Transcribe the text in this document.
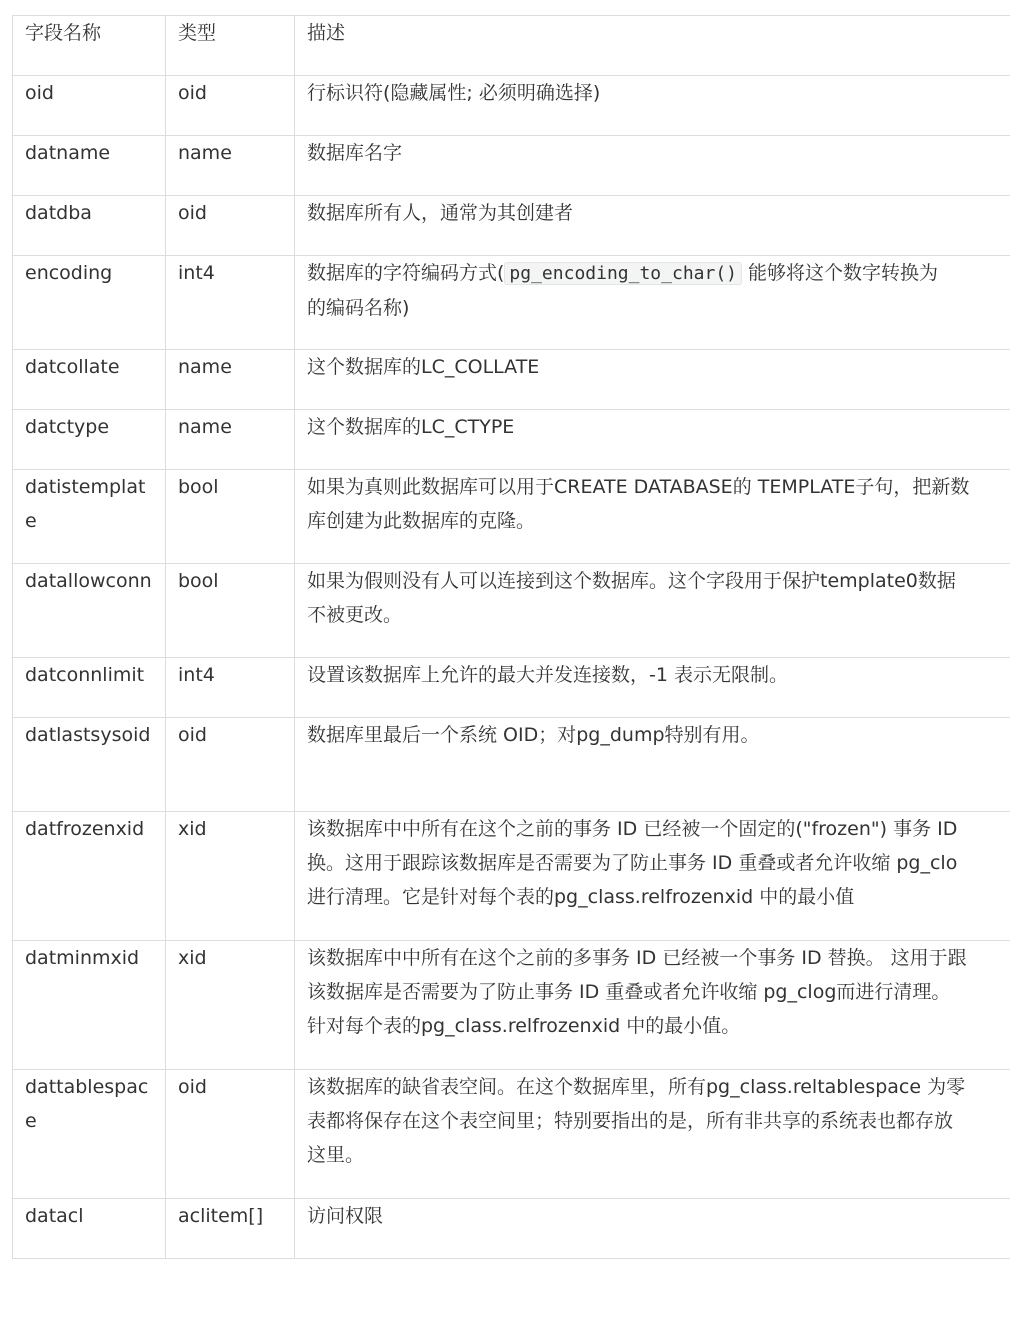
字段名称	类型	描述
oid	oid	行标识符(隐藏属性; 必须明确选择)

datname	name	数据库名字

datdba	oid	数据库所有人，通常为其创建者

encoding	int4	数据库的字符编码方式( pg_encoding_to_char() 能够将这个数字转换为
的编码名称)

datcollate	name	这个数据库的LC_COLLATE

datctype	name	这个数据库的LC_CTYPE

datistemplate	bool	如果为真则此数据库可以用于CREATE DATABASE的 TEMPLATE子句，把新数
库创建为此数据库的克隆。

datallowconn	bool	如果为假则没有人可以连接到这个数据库。这个字段用于保护template0数据
不被更改。

datconnlimit	int4	设置该数据库上允许的最大并发连接数，-1 表示无限制。

datlastsysoid	oid	数据库里最后一个系统 OID；对pg_dump特别有用。

datfrozenxid	xid	该数据库中中所有在这个之前的事务 ID 已经被一个固定的("frozen") 事务 ID
换。这用于跟踪该数据库是否需要为了防止事务 ID 重叠或者允许收缩 pg_clo
进行清理。它是针对每个表的pg_class.relfrozenxid 中的最小值

datminmxid	xid	该数据库中中所有在这个之前的多事务 ID 已经被一个事务 ID 替换。 这用于跟
该数据库是否需要为了防止事务 ID 重叠或者允许收缩 pg_clog而进行清理。
针对每个表的pg_class.relfrozenxid 中的最小值。

dattablespace	oid	该数据库的缺省表空间。在这个数据库里，所有pg_class.reltablespace 为零
表都将保存在这个表空间里；特别要指出的是，所有非共享的系统表也都存放
这里。

datacl	aclitem[]	访问权限
